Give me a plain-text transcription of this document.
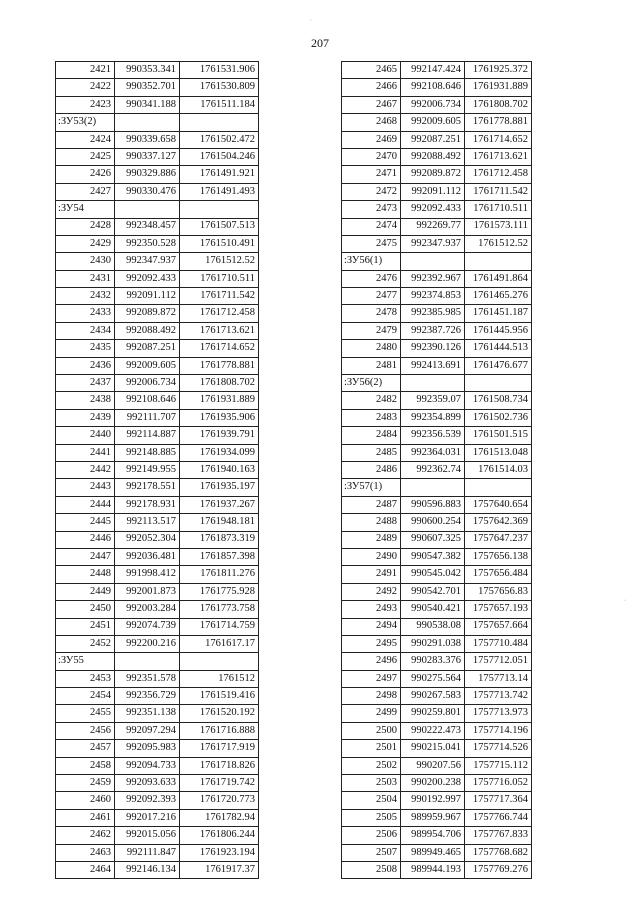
207
2421	990353.341	1761531.906
2422	990352.701	1761530.809
2423	990341.188	1761511.184
:ЗУ53(2)		
2424	990339.658	1761502.472
2425	990337.127	1761504.246
2426	990329.886	1761491.921
2427	990330.476	1761491.493
:ЗУ54		
2428	992348.457	1761507.513
2429	992350.528	1761510.491
2430	992347.937	1761512.52
2431	992092.433	1761710.511
2432	992091.112	1761711.542
2433	992089.872	1761712.458
2434	992088.492	1761713.621
2435	992087.251	1761714.652
2436	992009.605	1761778.881
2437	992006.734	1761808.702
2438	992108.646	1761931.889
2439	992111.707	1761935.906
2440	992114.887	1761939.791
2441	992148.885	1761934.099
2442	992149.955	1761940.163
2443	992178.551	1761935.197
2444	992178.931	1761937.267
2445	992113.517	1761948.181
2446	992052.304	1761873.319
2447	992036.481	1761857.398
2448	991998.412	1761811.276
2449	992001.873	1761775.928
2450	992003.284	1761773.758
2451	992074.739	1761714.759
2452	992200.216	1761617.17
:ЗУ55		
2453	992351.578	1761512
2454	992356.729	1761519.416
2455	992351.138	1761520.192
2456	992097.294	1761716.888
2457	992095.983	1761717.919
2458	992094.733	1761718.826
2459	992093.633	1761719.742
2460	992092.393	1761720.773
2461	992017.216	1761782.94
2462	992015.056	1761806.244
2463	992111.847	1761923.194
2464	992146.134	1761917.37
2465	992147.424	1761925.372
2466	992108.646	1761931.889
2467	992006.734	1761808.702
2468	992009.605	1761778.881
2469	992087.251	1761714.652
2470	992088.492	1761713.621
2471	992089.872	1761712.458
2472	992091.112	1761711.542
2473	992092.433	1761710.511
2474	992269.77	1761573.111
2475	992347.937	1761512.52
:ЗУ56(1)		
2476	992392.967	1761491.864
2477	992374.853	1761465.276
2478	992385.985	1761451.187
2479	992387.726	1761445.956
2480	992390.126	1761444.513
2481	992413.691	1761476.677
:ЗУ56(2)		
2482	992359.07	1761508.734
2483	992354.899	1761502.736
2484	992356.539	1761501.515
2485	992364.031	1761513.048
2486	992362.74	1761514.03
:ЗУ57(1)		
2487	990596.883	1757640.654
2488	990600.254	1757642.369
2489	990607.325	1757647.237
2490	990547.382	1757656.138
2491	990545.042	1757656.484
2492	990542.701	1757656.83
2493	990540.421	1757657.193
2494	990538.08	1757657.664
2495	990291.038	1757710.484
2496	990283.376	1757712.051
2497	990275.564	1757713.14
2498	990267.583	1757713.742
2499	990259.801	1757713.973
2500	990222.473	1757714.196
2501	990215.041	1757714.526
2502	990207.56	1757715.112
2503	990200.238	1757716.052
2504	990192.997	1757717.364
2505	989959.967	1757766.744
2506	989954.706	1757767.833
2507	989949.465	1757768.682
2508	989944.193	1757769.276
·
·
